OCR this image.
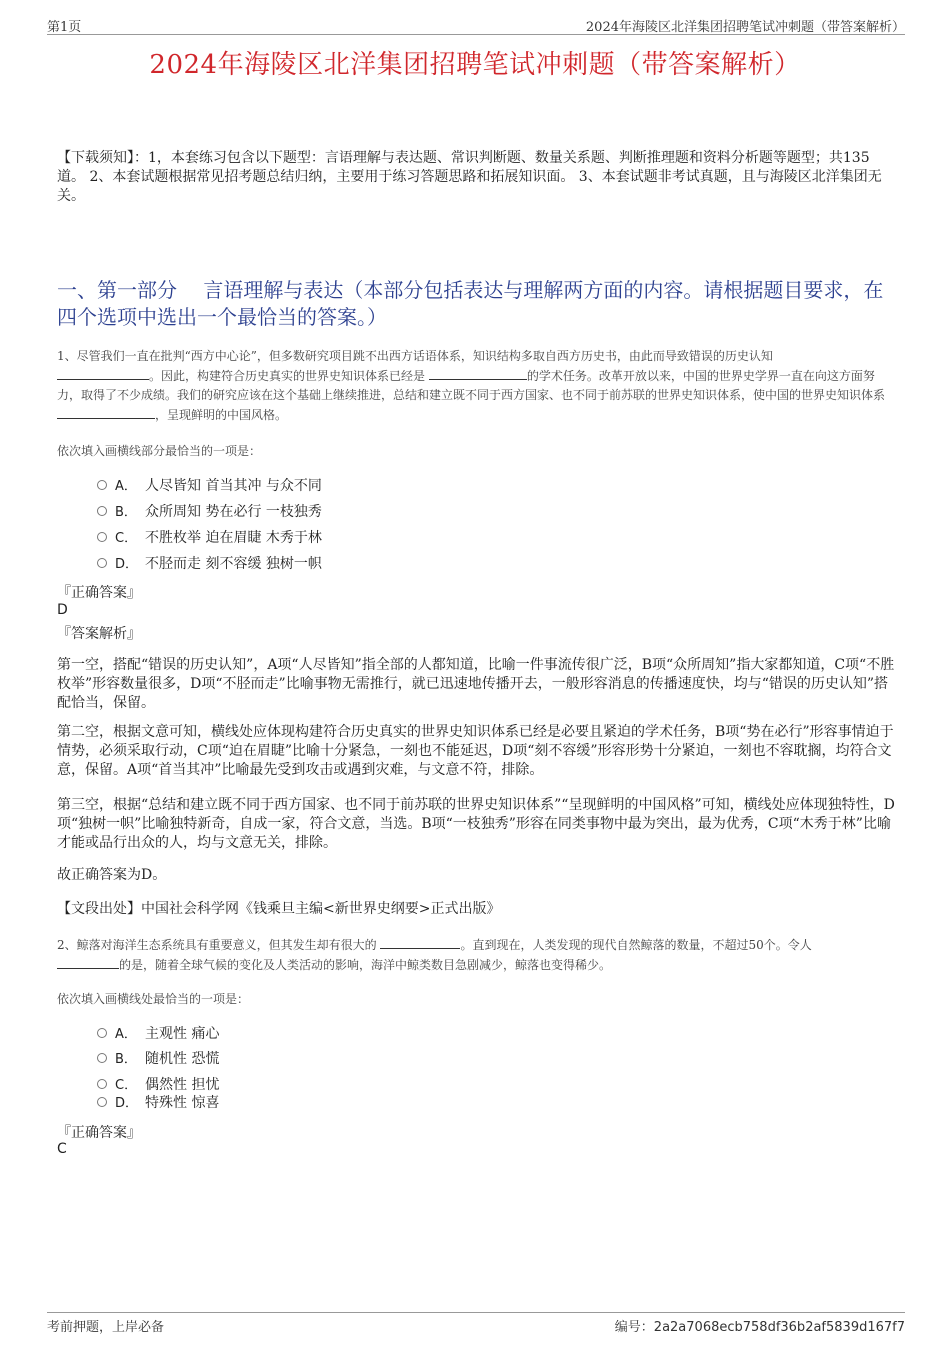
第1页	2024年海陵区北洋集团招聘笔试冲刺题（带答案解析）
2024年海陵区北洋集团招聘笔试冲刺题（带答案解析）
【下载须知】：1，本套练习包含以下题型：言语理解与表达题、常识判断题、数量关系题、判断推理题和资料分析题等题型；共135道。 2、本套试题根据常见招考题总结归纳，主要用于练习答题思路和拓展知识面。 3、本套试题非考试真题，且与海陵区北洋集团无关。
一、第一部分　 言语理解与表达（本部分包括表达与理解两方面的内容。请根据题目要求，在四个选项中选出一个最恰当的答案。）
1、尽管我们一直在批判“西方中心论”，但多数研究项目跳不出西方话语体系，知识结构多取自西方历史书，由此而导致错误的历史认知
。因此，构建符合历史真实的世界史知识体系已经是	的学术任务。改革开放以来，中国的世界史学界一直在向这方面努力，取得了不少成绩。我们的研究应该在这个基础上继续推进，总结和建立既不同于西方国家、也不同于前苏联的世界史知识体系，使中国的世界史知识体系 ，呈现鲜明的中国风格。
依次填入画横线部分最恰当的一项是：
A． 人尽皆知 首当其冲 与众不同
B． 众所周知 势在必行 一枝独秀
C． 不胜枚举 迫在眉睫 木秀于林
D． 不胫而走 刻不容缓 独树一帜
『正确答案』
D
『答案解析』
第一空，搭配“错误的历史认知”，A项“人尽皆知”指全部的人都知道，比喻一件事流传很广泛，B项“众所周知”指大家都知道，C项“不胜枚举”形容数量很多，D项“不胫而走”比喻事物无需推行，就已迅速地传播开去，一般形容消息的传播速度快，均与“错误的历史认知”搭配恰当，保留。
第二空，根据文意可知，横线处应体现构建符合历史真实的世界史知识体系已经是必要且紧迫的学术任务，B项“势在必行”形容事情迫于情势，必须采取行动，C项“迫在眉睫”比喻十分紧急，一刻也不能延迟，D项“刻不容缓”形容形势十分紧迫，一刻也不容耽搁，均符合文意，保留。A项“首当其冲”比喻最先受到攻击或遇到灾难，与文意不符，排除。
第三空，根据“总结和建立既不同于西方国家、也不同于前苏联的世界史知识体系”“呈现鲜明的中国风格”可知，横线处应体现独特性，D项“独树一帜”比喻独特新奇，自成一家，符合文意，当选。B项“一枝独秀”形容在同类事物中最为突出，最为优秀，C项“木秀于林”比喻才能或品行出众的人，均与文意无关，排除。
故正确答案为D。
【文段出处】中国社会科学网《钱乘旦主编<新世界史纲要>正式出版》
2、鲸落对海洋生态系统具有重要意义，但其发生却有很大的	。直到现在，人类发现的现代自然鲸落的数量，不超过50个。令人
的是，随着全球气候的变化及人类活动的影响，海洋中鲸类数目急剧减少，鲸落也变得稀少。
依次填入画横线处最恰当的一项是：
A． 主观性 痛心
B． 随机性 恐慌
C． 偶然性 担忧
D． 特殊性 惊喜
『正确答案』
C
考前押题，上岸必备	编号：2a2a7068ecb758df36b2af5839d167f7
